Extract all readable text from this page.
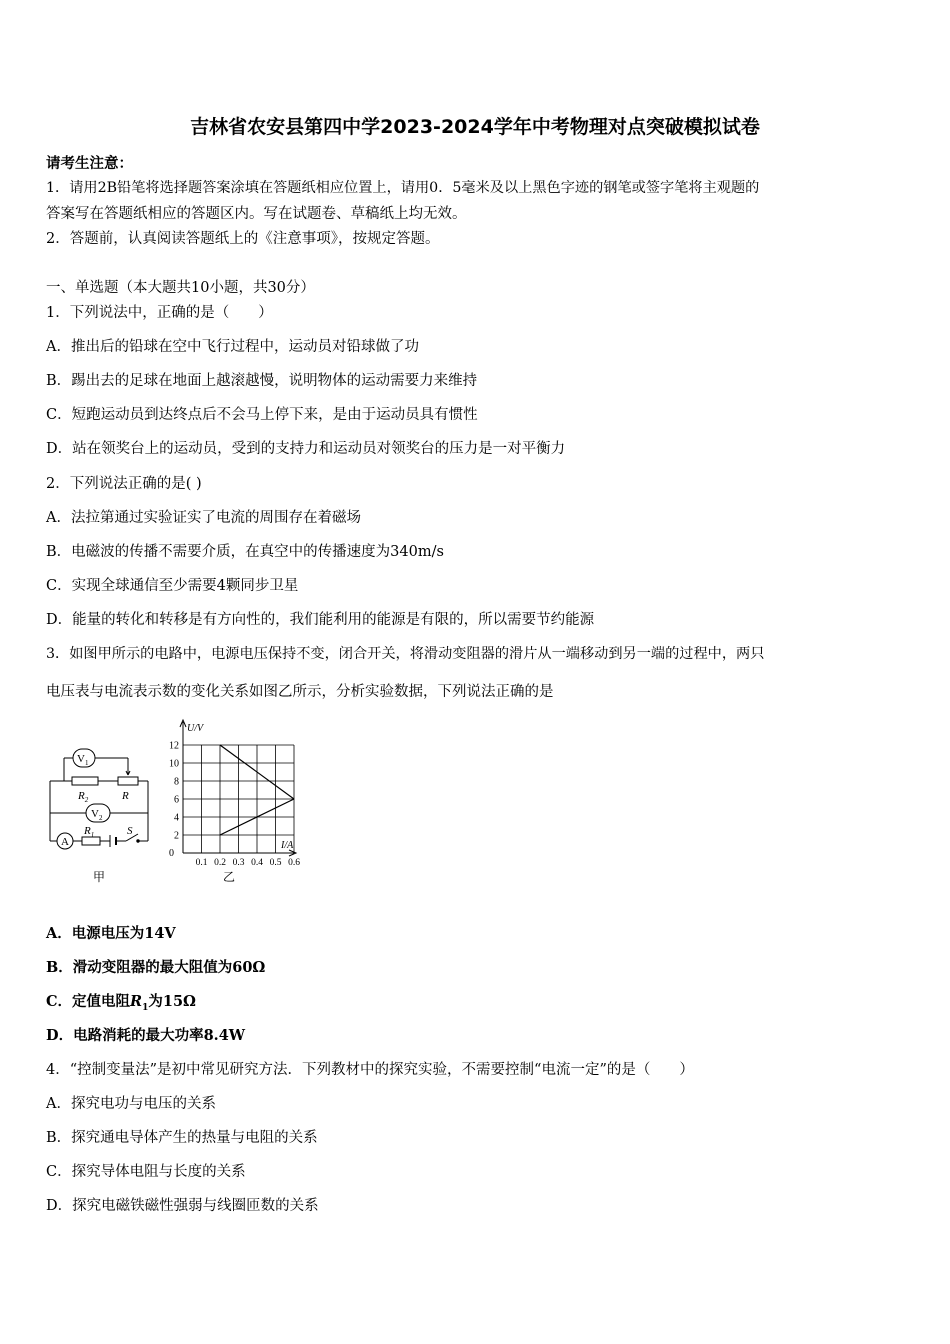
吉林省农安县第四中学2023-2024学年中考物理对点突破模拟试卷
请考生注意：
1．请用2B铅笔将选择题答案涂填在答题纸相应位置上，请用0．5毫米及以上黑色字迹的钢笔或签字笔将主观题的
答案写在答题纸相应的答题区内。写在试题卷、草稿纸上均无效。
2．答题前，认真阅读答题纸上的《注意事项》，按规定答题。
一、单选题（本大题共10小题，共30分）
1．下列说法中，正确的是（　　）
A．推出后的铅球在空中飞行过程中，运动员对铅球做了功
B．踢出去的足球在地面上越滚越慢，说明物体的运动需要力来维持
C．短跑运动员到达终点后不会马上停下来，是由于运动员具有惯性
D．站在领奖台上的运动员，受到的支持力和运动员对领奖台的压力是一对平衡力
2．下列说法正确的是( )
A．法拉第通过实验证实了电流的周围存在着磁场
B．电磁波的传播不需要介质，在真空中的传播速度为340m/s
C．实现全球通信至少需要4颗同步卫星
D．能量的转化和转移是有方向性的，我们能利用的能源是有限的，所以需要节约能源
3．如图甲所示的电路中，电源电压保持不变，闭合开关，将滑动变阻器的滑片从一端移动到另一端的过程中，两只
电压表与电流表示数的变化关系如图乙所示，分析实验数据，下列说法正确的是
$V_1$
$V_2$
A
$R_2$	R
$R_1$	S
甲
2
4
6
8
10
12
0.1 0.2 0.3 0.4 0.5 0.6
U/V
I/A
0
乙
A．电源电压为14V
B．滑动变阻器的最大阻值为60Ω
C．定值电阻$R_1$为15Ω
D．电路消耗的最大功率8.4W
4．“控制变量法”是初中常见研究方法．下列教材中的探究实验，不需要控制“电流一定”的是（　　）
A．探究电功与电压的关系
B．探究通电导体产生的热量与电阻的关系
C．探究导体电阻与长度的关系
D．探究电磁铁磁性强弱与线圈匝数的关系
